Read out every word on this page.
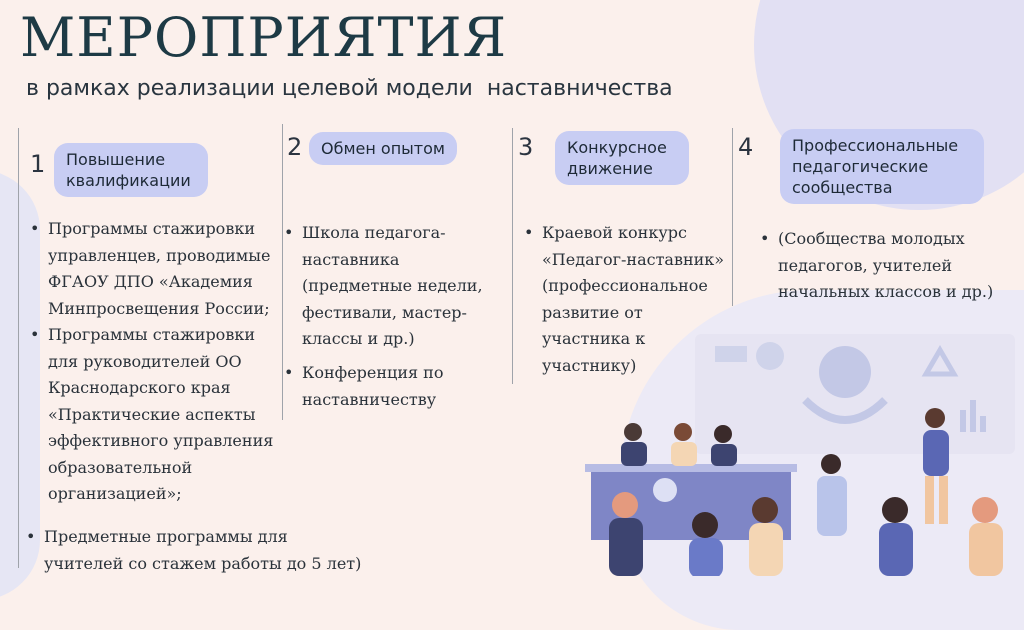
МЕРОПРИЯТИЯ
в рамках реализации целевой модели  наставничества
1	Повышение квалификации
• Программы стажировки управленцев, проводимые ФГАОУ ДПО «Академия Минпросвещения России;
• Программы стажировки для руководителей ОО Краснодарского края «Практические аспекты эффективного управления образовательной организацией»;
• Предметные программы для учителей со стажем работы до 5 лет)
2	Обмен опытом
• Школа педагога-наставника (предметные недели, фестивали, мастер-классы и др.)
• Конференция по наставничеству
3	Конкурсное движение
• Краевой конкурс «Педагог-наставник» (профессиональное развитие от участника к участнику)
4	Профессиональные педагогические сообщества
• (Сообщества молодых педагогов, учителей начальных классов и др.)
